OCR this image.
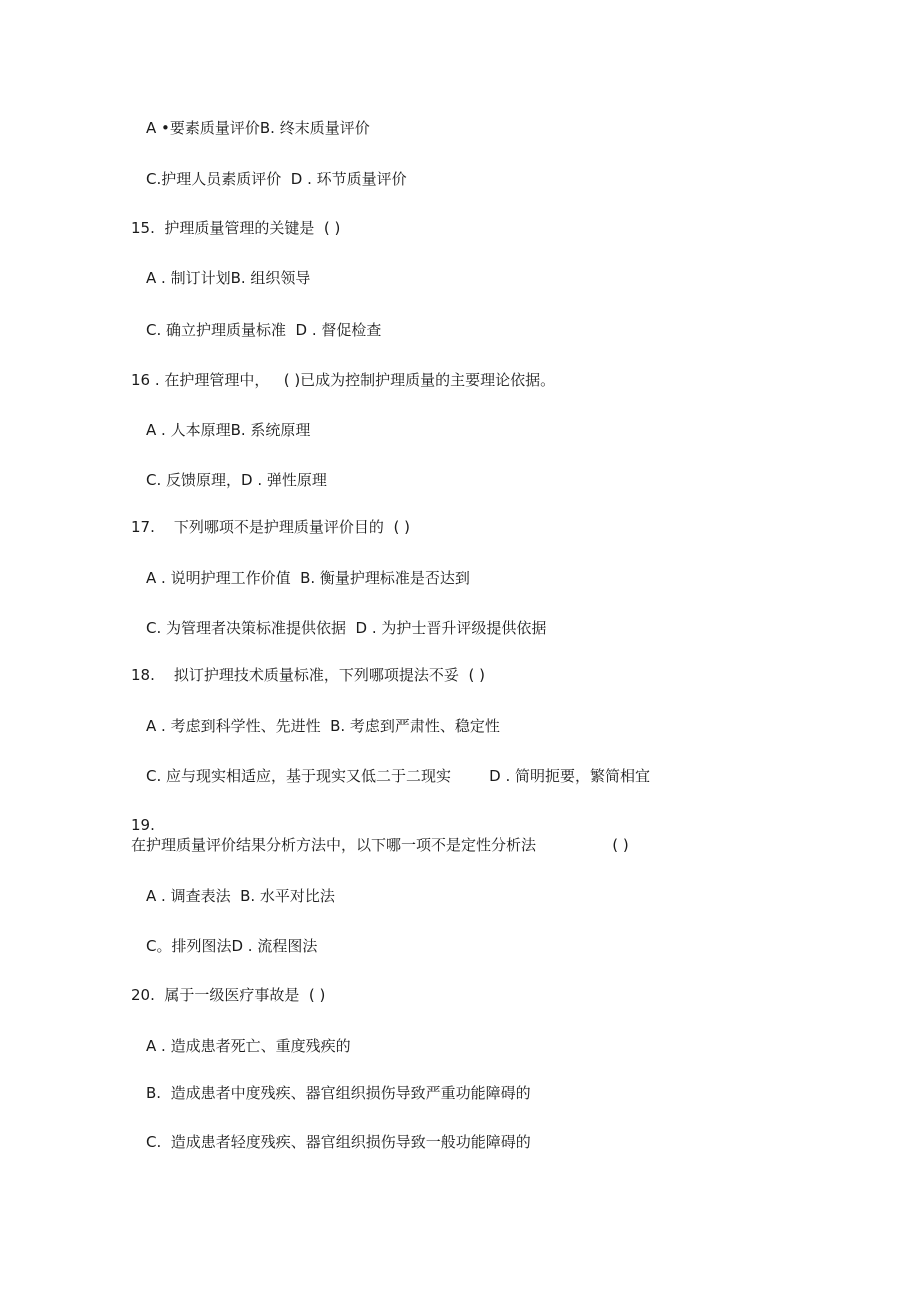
A •要素质量评价B. 终末质量评价
C.护理人员素质评价  D . 环节质量评价
15.  护理质量管理的关键是  ( )
A . 制订计划B. 组织领导
C. 确立护理质量标准  D . 督促检查
16 . 在护理管理中，   ( )已成为控制护理质量的主要理论依据。
A . 人本原理B. 系统原理
C. 反馈原理，D . 弹性原理
17.    下列哪项不是护理质量评价目的  ( )
A . 说明护理工作价值  B. 衡量护理标准是否达到
C. 为管理者决策标准提供依据  D . 为护士晋升评级提供依据
18.    拟订护理技术质量标准，下列哪项提法不妥  ( )
A . 考虑到科学性、先进性  B. 考虑到严肃性、稳定性
C. 应与现实相适应，基于现实又低二于二现实        D . 简明扼要，繁简相宜
19.
在护理质量评价结果分析方法中，以下哪一项不是定性分析法                ( )
A . 调查表法  B. 水平对比法
C。排列图法D . 流程图法
20.  属于一级医疗事故是  ( )
A . 造成患者死亡、重度残疾的
B.  造成患者中度残疾、器官组织损伤导致严重功能障碍的
C.  造成患者轻度残疾、器官组织损伤导致一般功能障碍的
